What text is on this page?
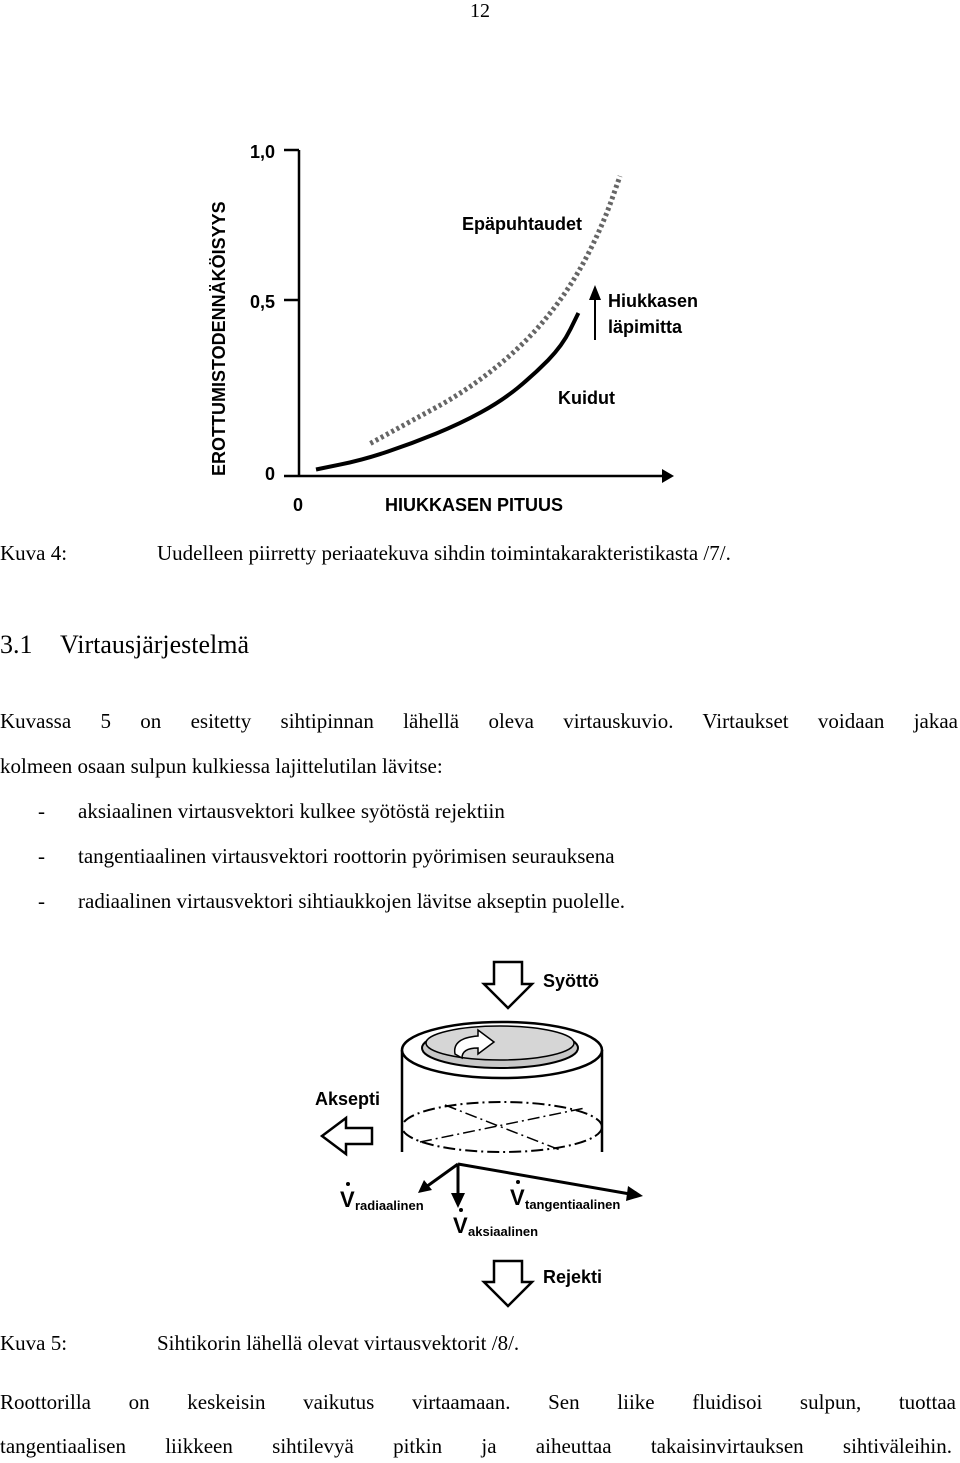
12
EROTTUMISTODENNÄKÖISYYS
1,0
0,5
0
0	HIUKKASEN PITUUS
Epäpuhtaudet
Kuidut
Hiukkasen
läpimitta
Kuva 4:	Uudelleen piirretty periaatekuva sihdin toimintakarakteristikasta /7/.
3.1 Virtausjärjestelmä
Kuvassa 5 on esitetty sihtipinnan lähellä oleva virtauskuvio. Virtaukset voidaan jakaa
kolmeen osaan sulpun kulkiessa lajittelutilan lävitse:
- aksiaalinen virtausvektori kulkee syötöstä rejektiin
- tangentiaalinen virtausvektori roottorin pyörimisen seurauksena
- radiaalinen virtausvektori sihtiaukkojen lävitse akseptin puolelle.
Syöttö
Aksepti
V radiaalinen	V tangentiaalinen
V aksiaalinen
Rejekti
Kuva 5:	Sihtikorin lähellä olevat virtausvektorit /8/.
Roottorilla on keskeisin vaikutus virtaamaan. Sen liike fluidisoi sulpun, tuottaa
tangentiaalisen liikkeen sihtilevyä pitkin ja aiheuttaa takaisinvirtauksen sihtiväleihin.
